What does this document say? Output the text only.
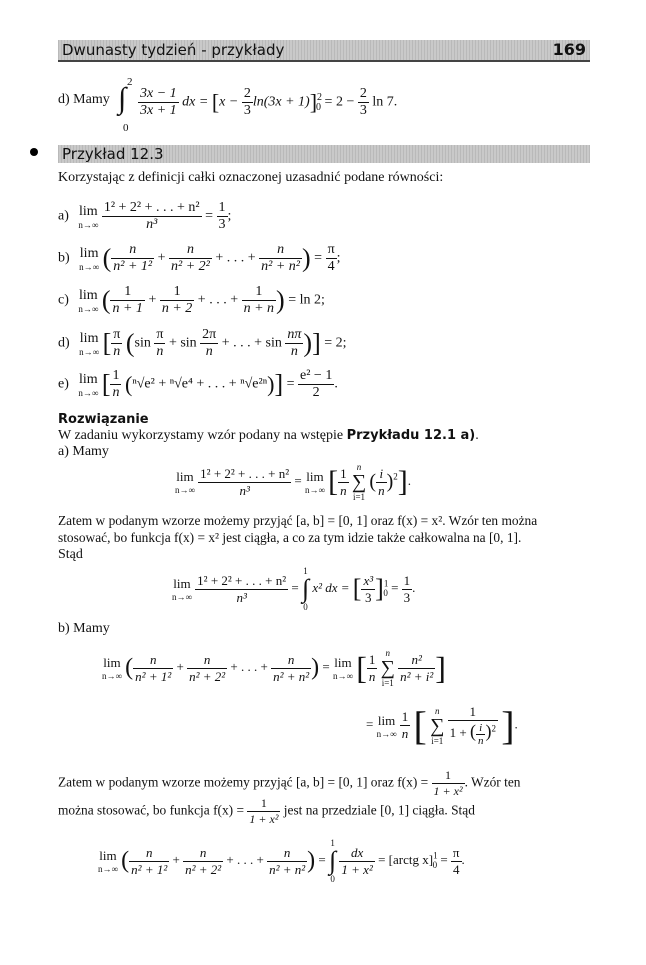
Dwunasty tydzień - przykłady	169
d) Mamy
2
∫
0
$\frac{3x - 1}{3x + 1}$ dx = $[x - \frac{2}{3} \ln(3x + 1)]^2_0 = 2 - \frac{2}{3}$ ln 7.
Przykład 12.3
Korzystając z definicji całki oznaczonej uzasadnić podane równości:
a) lim
n→∞
$\frac{\text{1² + 2² + . . . + n²}}{\text{n³}} = \frac{1}{3}$ ;
b) lim
n→∞ ( $\frac{n}{\text{n² + 1²}} + \frac{n}{\text{n² + 2²}}$ + . . . + $\frac{n}{\text{n² + n²}}$ ) = $\frac{\pi}{4}$ ;
c) lim
n→∞ ( $\frac{1}{n + 1} + \frac{1}{n + 2}$ + . . . + $\frac{1}{n + n}$ ) = ln 2;
d) lim
n→∞ [ $\frac{\pi}{n} (\sin \frac{\pi}{n} + \sin \frac{2\pi}{n}$ + . . . + $\sin \frac{n\pi}{n}$ )] = 2;
e) lim
n→∞ [ $\frac{1}{n} (^n√e^2 + ^n√e^4$ + . . . + $^n√e^{2n})] = \frac{\text{e² − 1}}{2}$ .
Rozwiązanie
W zadaniu wykorzystamy wzór podany na wstępie Przykładu 12.1 a).
a) Mamy
lim
n→∞
$\frac{\text{1² + 2² + . . . + n²}}{\text{n³}} = \lim$
n→∞ [ $\frac{1}{n}$
n
∑
i=1
( $\frac{i}{n} )^2$].
Zatem w podanym wzorze możemy przyjąć [a, b] = [0, 1] oraz f(x) = x². Wzór ten można
stosować, bo funkcja f(x) = x² jest ciągła, a co za tym idzie także całkowalna na [0, 1].
Stąd
lim
n→∞
$\frac{\text{1² + 2² + . . . + n²}}{\text{n³}}$ =
1
∫
0
x² dx = [ $\frac{\text{x³}}{3} ]^1_0 = \frac{1}{3}$ .
b) Mamy
lim
n→∞ ( $\frac{n}{\text{n² + 1²}} + \frac{n}{\text{n² + 2²}}$ + . . . + $\frac{n}{\text{n² + n²}}$ ) = lim
n→∞ [ $\frac{1}{n}$
n
∑
i=1
$\frac{\text{n²}}{\text{n² + i²}}$ ]
= lim
n→∞
$\frac{1}{n}$ [ n
∑
i=1
$\frac{1}{1 + ( \frac{i}{n} )^2}$ ].
Zatem w podanym wzorze możemy przyjąć [a, b] = [0, 1] oraz $f(x) = \frac{1}{\text{1 + x²}}$ . Wzór ten
można stosować, bo funkcja $f(x) = \frac{1}{\text{1 + x²}}$ jest na przedziale [0, 1] ciągła. Stąd
lim
n→∞ ( $\frac{n}{\text{n² + 1²}} + \frac{n}{\text{n² + 2²}}$ + . . . + $\frac{n}{\text{n² + n²}}$ ) =
1
∫
0

$\frac{dx}{\text{1 + x²}}$ = [arctg $x]^1_0 = \frac{\pi}{4}$ .
